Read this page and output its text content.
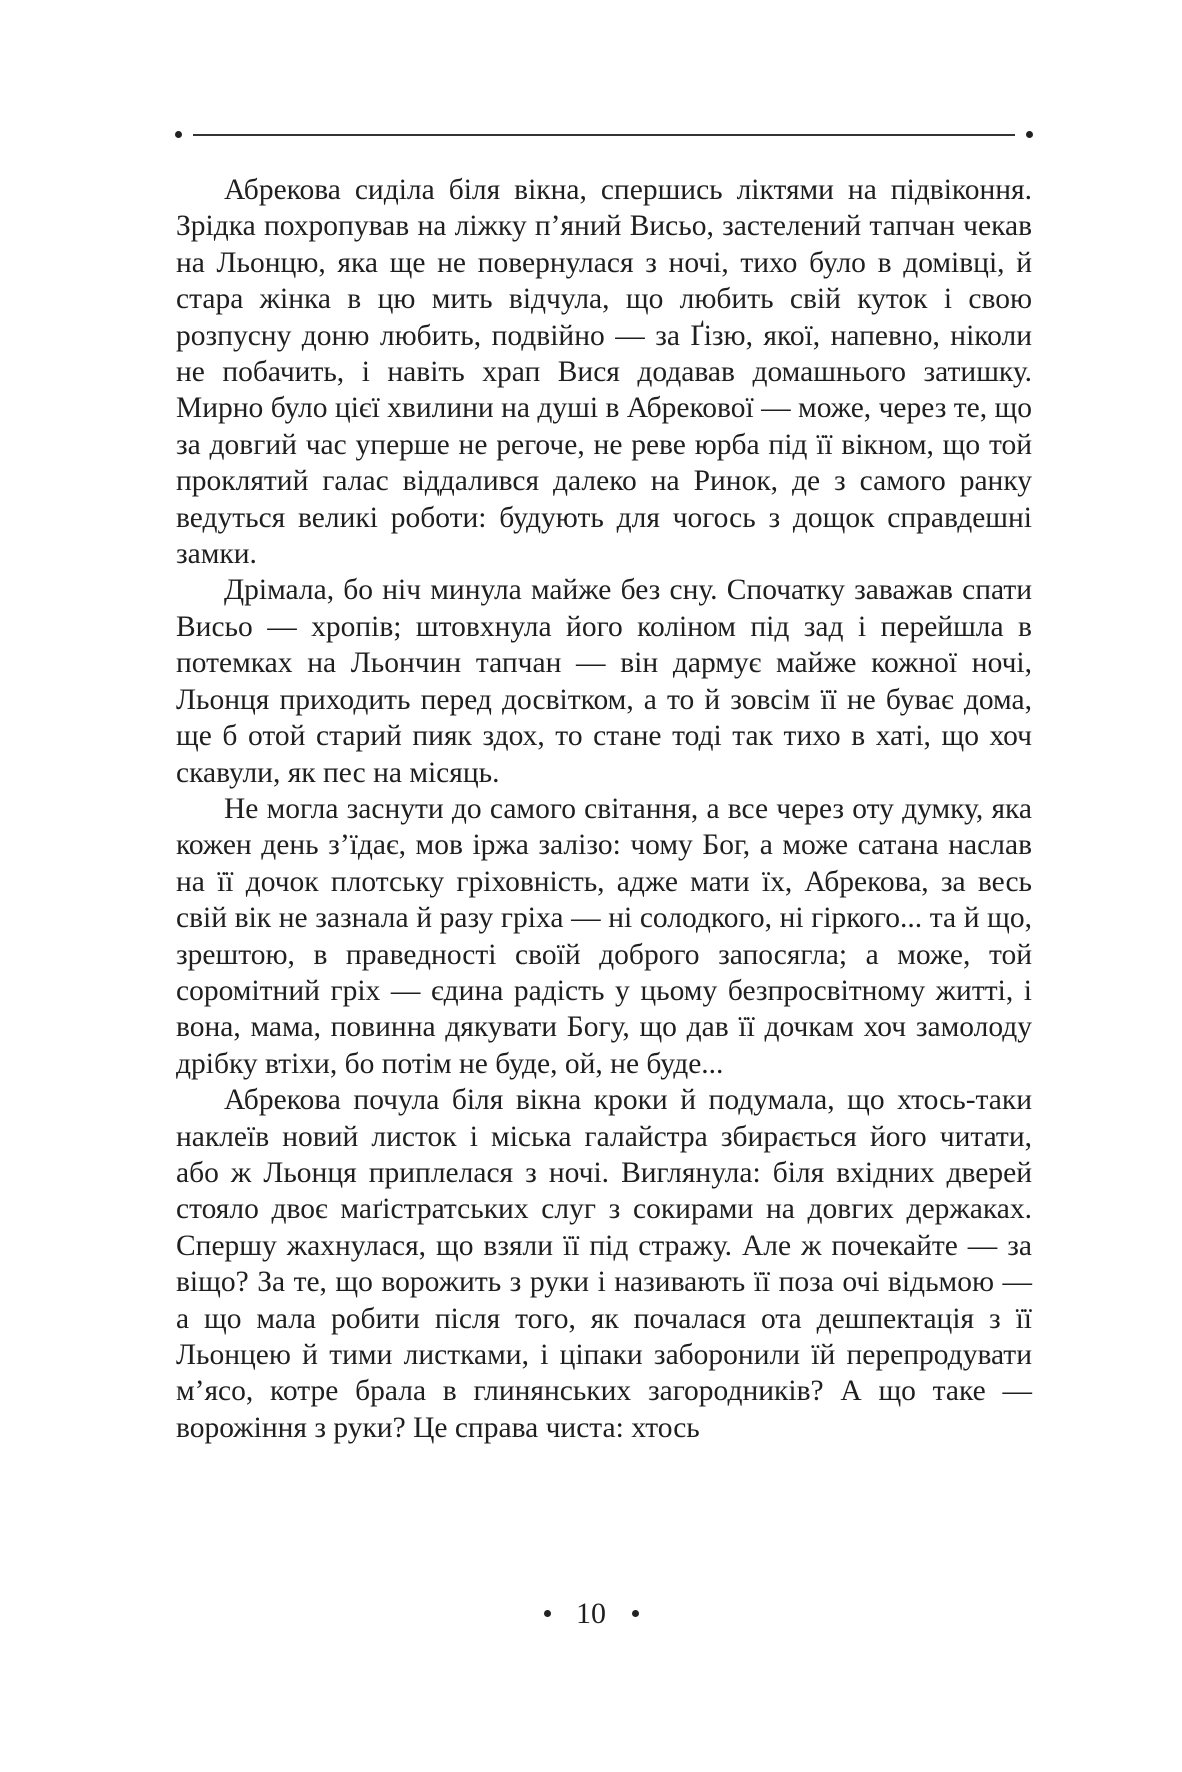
Абрекова сиділа біля вікна, спершись ліктями на підвіконня. Зрідка похропував на ліжку п’яний Висьо, застелений тапчан чекав на Льонцю, яка ще не повернулася з ночі, тихо було в домівці, й стара жінка в цю мить відчула, що любить свій куток і свою розпусну доню любить, подвійно — за Ґізю, якої, напевно, ніколи не побачить, і навіть храп Вися додавав домашнього затишку. Мирно було цієї хвилини на душі в Абрекової — може, через те, що за довгий час уперше не регоче, не реве юрба під її вікном, що той проклятий галас віддалився далеко на Ринок, де з самого ранку ведуться великі роботи: будують для чогось з дощок справдешні замки.

Дрімала, бо ніч минула майже без сну. Спочатку заважав спати Висьо — хропів; штовхнула його коліном під зад і перейшла в потемках на Льончин тапчан — він дармує майже кожної ночі, Льонця приходить перед досвітком, а то й зовсім її не буває дома, ще б отой старий пияк здох, то стане тоді так тихо в хаті, що хоч скавули, як пес на місяць.

Не могла заснути до самого світання, а все через оту думку, яка кожен день з’їдає, мов іржа залізо: чому Бог, а може сатана наслав на її дочок плотську гріховність, адже мати їх, Абрекова, за весь свій вік не зазнала й разу гріха — ні солодкого, ні гіркого... та й що, зрештою, в праведності своїй доброго запосягла; а може, той соромітний гріх — єдина радість у цьому безпросвітному житті, і вона, мама, повинна дякувати Богу, що дав її дочкам хоч замолоду дрібку втіхи, бо потім не буде, ой, не буде...

Абрекова почула біля вікна кроки й подумала, що хтось-таки наклеїв новий листок і міська галайстра збирається його читати, або ж Льонця приплелася з ночі. Виглянула: біля вхідних дверей стояло двоє маґістратських слуг з сокирами на довгих держаках. Спершу жахнулася, що взяли її під стражу. Але ж почекайте — за віщо? За те, що ворожить з руки і називають її поза очі відьмою — а що мала робити після того, як почалася ота дешпектація з її Льонцею й тими листками, і ціпаки заборонили їй перепродувати м’ясо, котре брала в глинянських загородників? А що таке — ворожіння з руки? Це справа чиста: хтось

10
